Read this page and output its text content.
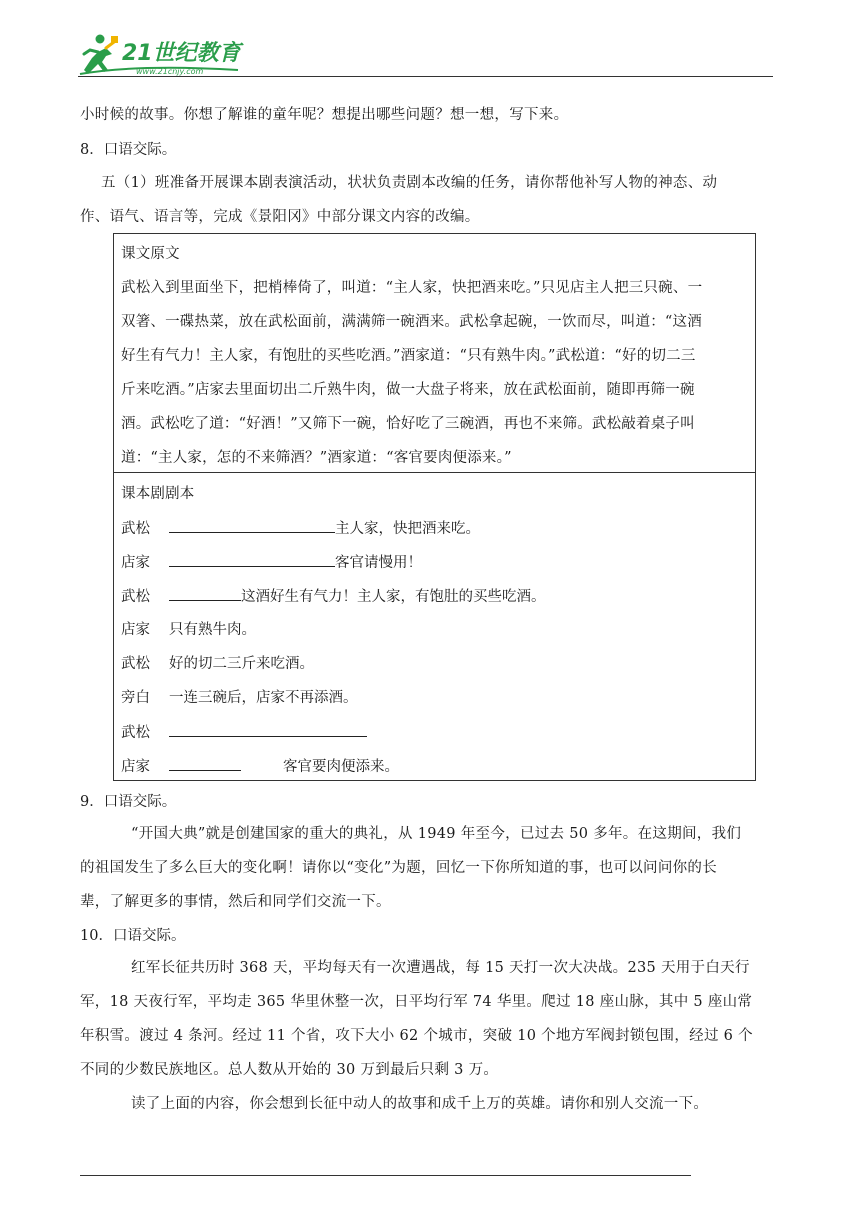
21世纪教育
www.21cnjy.com
小时候的故事。你想了解谁的童年呢？想提出哪些问题？想一想，写下来。
8．口语交际。
五（1）班准备开展课本剧表演活动，状状负责剧本改编的任务，请你帮他补写人物的神态、动
作、语气、语言等，完成《景阳冈》中部分课文内容的改编。
课文原文
武松入到里面坐下，把梢棒倚了，叫道：“主人家，快把酒来吃。”只见店主人把三只碗、一
双箸、一碟热菜，放在武松面前，满满筛一碗酒来。武松拿起碗，一饮而尽，叫道：“这酒
好生有气力！主人家，有饱肚的买些吃酒。”酒家道：“只有熟牛肉。”武松道：“好的切二三
斤来吃酒。”店家去里面切出二斤熟牛肉，做一大盘子将来，放在武松面前，随即再筛一碗
酒。武松吃了道：“好酒！”又筛下一碗，恰好吃了三碗酒，再也不来筛。武松敲着桌子叫
道：“主人家，怎的不来筛酒？”酒家道：“客官要肉便添来。”
课本剧剧本
武松	主人家，快把酒来吃。
店家	客官请慢用！
武松	这酒好生有气力！主人家，有饱肚的买些吃酒。
店家 只有熟牛肉。
武松 好的切二三斤来吃酒。
旁白 一连三碗后，店家不再添酒。
武松
店家	客官要肉便添来。
9．口语交际。
“开国大典”就是创建国家的重大的典礼，从 1949 年至今，已过去 50 多年。在这期间，我们
的祖国发生了多么巨大的变化啊！请你以“变化”为题，回忆一下你所知道的事，也可以问问你的长
辈，了解更多的事情，然后和同学们交流一下。
10．口语交际。
红军长征共历时 368 天，平均每天有一次遭遇战，每 15 天打一次大决战。235 天用于白天行
军，18 天夜行军，平均走 365 华里休整一次，日平均行军 74 华里。爬过 18 座山脉，其中 5 座山常
年积雪。渡过 4 条河。经过 11 个省，攻下大小 62 个城市，突破 10 个地方军阀封锁包围，经过 6 个
不同的少数民族地区。总人数从开始的 30 万到最后只剩 3 万。
读了上面的内容，你会想到长征中动人的故事和成千上万的英雄。请你和别人交流一下。
